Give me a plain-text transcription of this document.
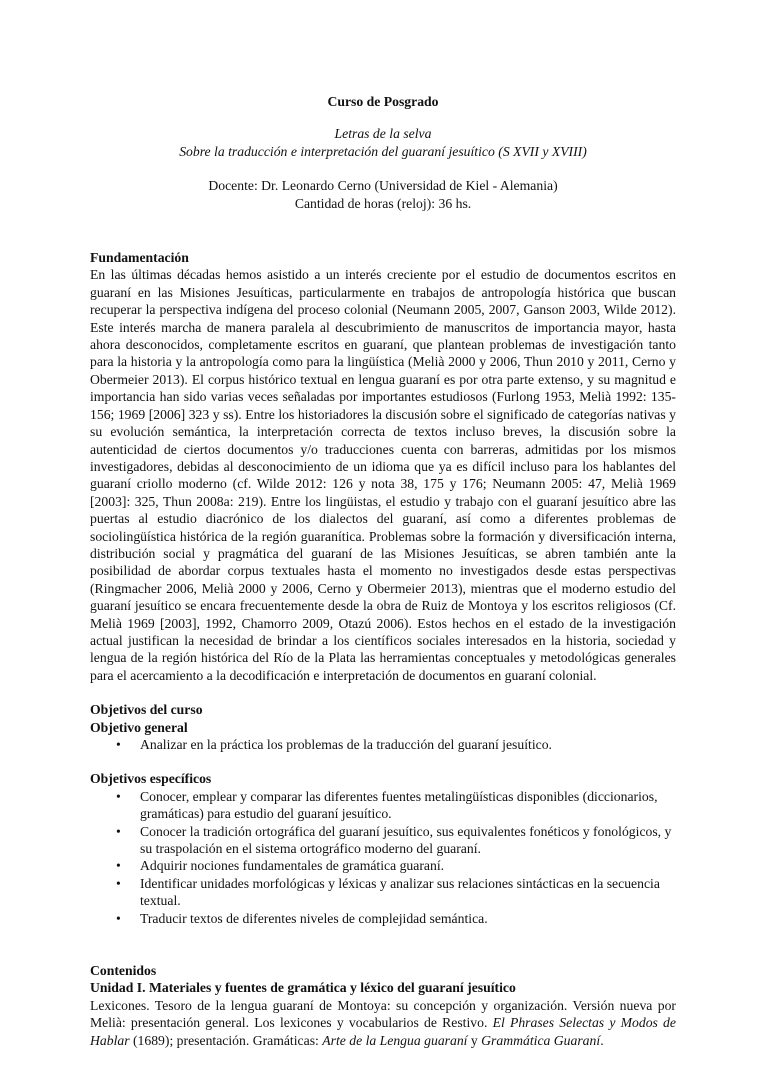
Curso de Posgrado

Letras de la selva

Sobre la traducción e interpretación del guaraní jesuítico (S XVII y XVIII)

Docente: Dr. Leonardo Cerno (Universidad de Kiel - Alemania)

Cantidad de horas (reloj): 36 hs.

Fundamentación

En las últimas décadas hemos asistido a un interés creciente por el estudio de documentos escritos en guaraní en las Misiones Jesuíticas, particularmente en trabajos de antropología histórica que buscan recuperar la perspectiva indígena del proceso colonial (Neumann 2005, 2007, Ganson 2003, Wilde 2012). Este interés marcha de manera paralela al descubrimiento de manuscritos de importancia mayor, hasta ahora desconocidos, completamente escritos en guaraní, que plantean problemas de investigación tanto para la historia y la antropología como para la lingüística (Melià 2000 y 2006, Thun 2010 y 2011, Cerno y Obermeier 2013). El corpus histórico textual en lengua guaraní es por otra parte extenso, y su magnitud e importancia han sido varias veces señaladas por importantes estudiosos (Furlong 1953, Melià 1992: 135-156; 1969 [2006] 323 y ss). Entre los historiadores la discusión sobre el significado de categorías nativas y su evolución semántica, la interpretación correcta de textos incluso breves, la discusión sobre la autenticidad de ciertos documentos y/o traducciones cuenta con barreras, admitidas por los mismos investigadores, debidas al desconocimiento de un idioma que ya es difícil incluso para los hablantes del guaraní criollo moderno (cf. Wilde 2012: 126 y nota 38, 175 y 176; Neumann 2005: 47, Melià 1969 [2003]: 325, Thun 2008a: 219). Entre los lingüistas, el estudio y trabajo con el guaraní jesuítico abre las puertas al estudio diacrónico de los dialectos del guaraní, así como a diferentes problemas de sociolingüística histórica de la región guaranítica. Problemas sobre la formación y diversificación interna, distribución social y pragmática del guaraní de las Misiones Jesuíticas, se abren también ante la posibilidad de abordar corpus textuales hasta el momento no investigados desde estas perspectivas (Ringmacher 2006, Melià 2000 y 2006, Cerno y Obermeier 2013), mientras que el moderno estudio del guaraní jesuítico se encara frecuentemente desde la obra de Ruiz de Montoya y los escritos religiosos (Cf. Melià 1969 [2003], 1992, Chamorro 2009, Otazú 2006). Estos hechos en el estado de la investigación actual justifican la necesidad de brindar a los científicos sociales interesados en la historia, sociedad y lengua de la región histórica del Río de la Plata las herramientas conceptuales y metodológicas generales para el acercamiento a la decodificación e interpretación de documentos en guaraní colonial.

Objetivos del curso
Objetivo general
• Analizar en la práctica los problemas de la traducción del guaraní jesuítico.
Objetivos específicos
• Conocer, emplear y comparar las diferentes fuentes metalingüísticas disponibles (diccionarios, gramáticas) para estudio del guaraní jesuítico.
• Conocer la tradición ortográfica del guaraní jesuítico, sus equivalentes fonéticos y fonológicos, y su traspolación en el sistema ortográfico moderno del guaraní.
• Adquirir nociones fundamentales de gramática guaraní.
• Identificar unidades morfológicas y léxicas y analizar sus relaciones sintácticas en la secuencia textual.
• Traducir textos de diferentes niveles de complejidad semántica.
Contenidos
Unidad I. Materiales y fuentes de gramática y léxico del guaraní jesuítico

Lexicones. Tesoro de la lengua guaraní de Montoya: su concepción y organización. Versión nueva por Melià: presentación general. Los lexicones y vocabularios de Restivo. El Phrases Selectas y Modos de Hablar (1689); presentación. Gramáticas: Arte de la Lengua guaraní y Grammática Guaraní.
